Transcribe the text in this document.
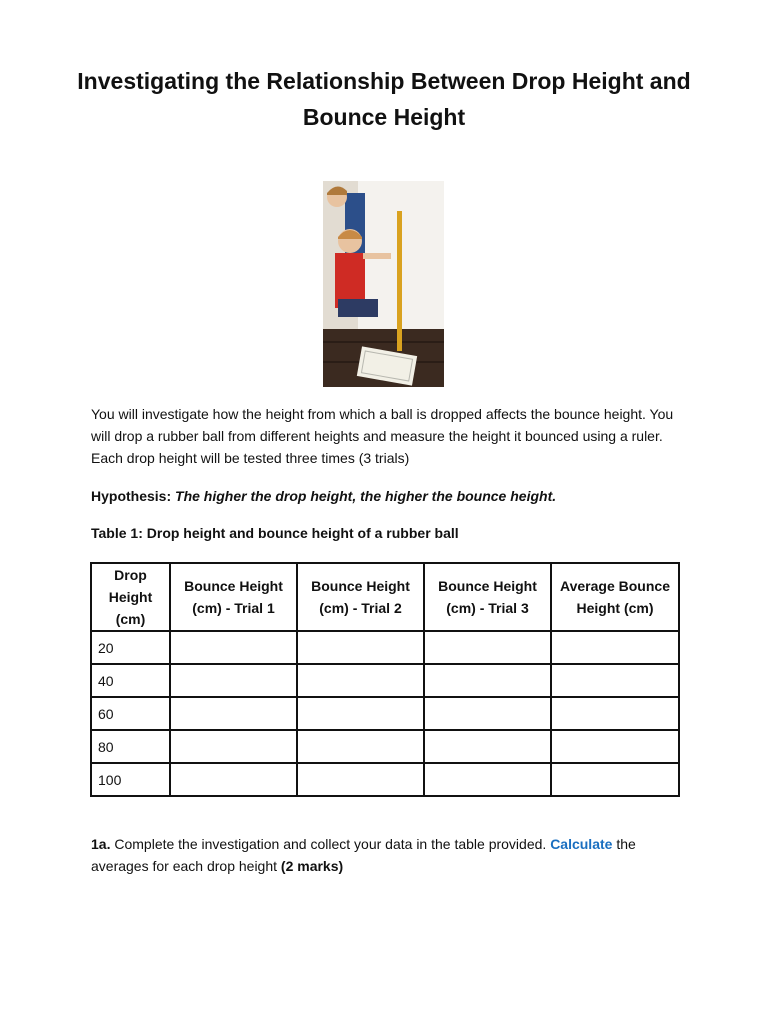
Investigating the Relationship Between Drop Height and Bounce Height
You will investigate how the height from which a ball is dropped affects the bounce height. You will drop a rubber ball from different heights and measure the height it bounced using a ruler. Each drop height will be tested three times (3 trials)
Hypothesis: The higher the drop height, the higher the bounce height.
Table 1: Drop height and bounce height of a rubber ball
Drop Height (cm)	Bounce Height (cm) - Trial 1	Bounce Height (cm) - Trial 2	Bounce Height (cm) - Trial 3	Average Bounce Height (cm)
20				
40				
60				
80				
100				
1a. Complete the investigation and collect your data in the table provided. Calculate the averages for each drop height (2 marks)
